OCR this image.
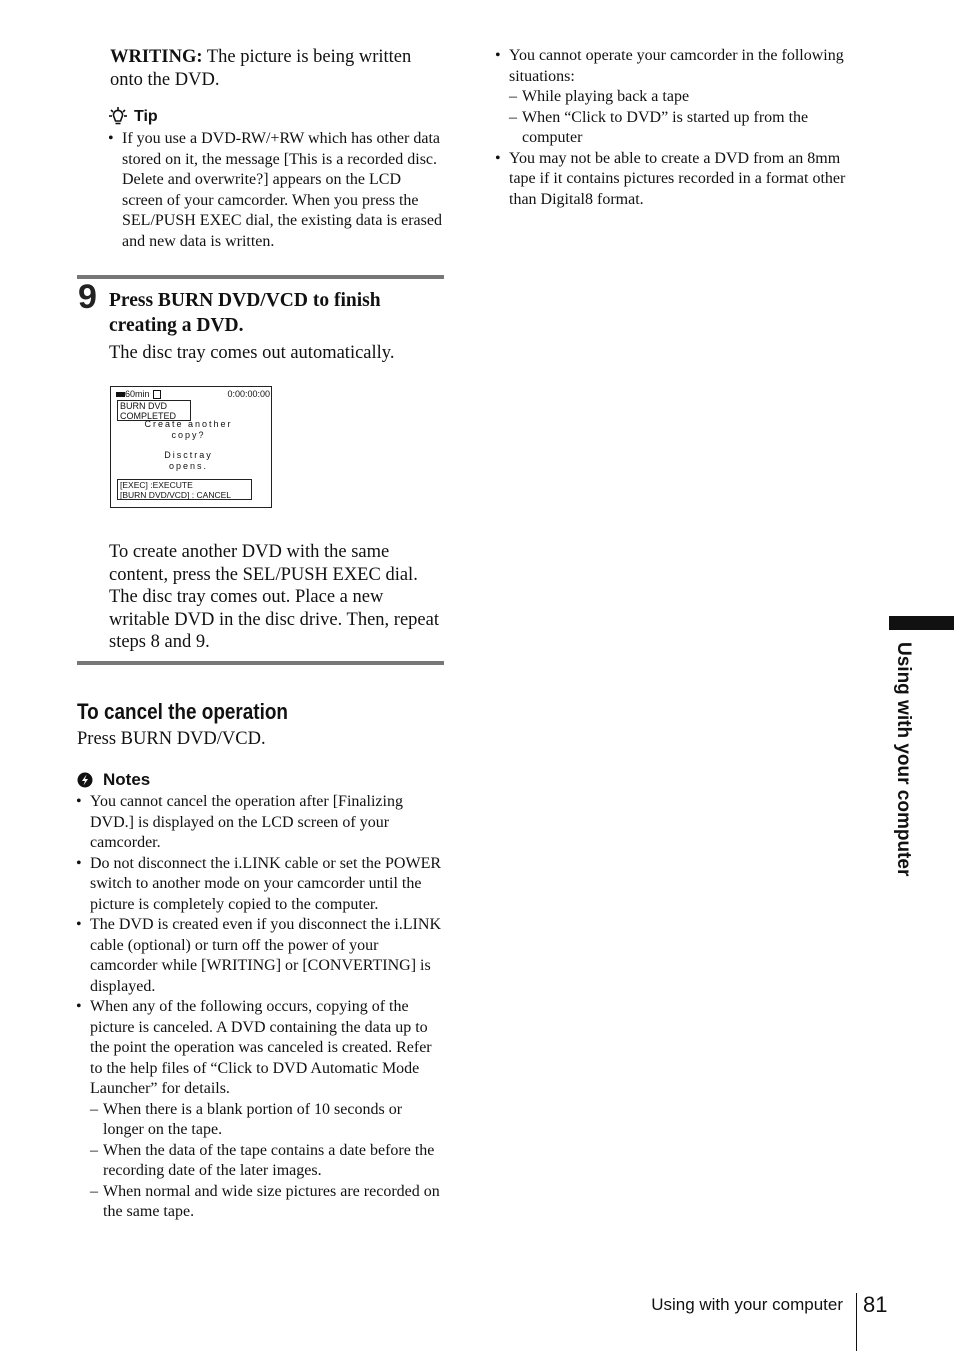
WRITING: The picture is being written onto the DVD.
Tip
• If you use a DVD-RW/+RW which has other data stored on it, the message [This is a recorded disc. Delete and overwrite?] appears on the LCD screen of your camcorder. When you press the SEL/PUSH EXEC dial, the existing data is erased and new data is written.
9 Press BURN DVD/VCD to finish creating a DVD.
The disc tray comes out automatically.
60min	0:00:00:00
BURN DVD
COMPLETED
Create another
copy?
Disctray
opens.
[EXEC] :EXECUTE
[BURN DVD/VCD] : CANCEL
To create another DVD with the same content, press the SEL/PUSH EXEC dial. The disc tray comes out. Place a new writable DVD in the disc drive. Then, repeat steps 8 and 9.
To cancel the operation
Press BURN DVD/VCD.
Notes
• You cannot cancel the operation after [Finalizing DVD.] is displayed on the LCD screen of your camcorder.
• Do not disconnect the i.LINK cable or set the POWER switch to another mode on your camcorder until the picture is completely copied to the computer.
• The DVD is created even if you disconnect the i.LINK cable (optional) or turn off the power of your camcorder while [WRITING] or [CONVERTING] is displayed.
• When any of the following occurs, copying of the picture is canceled. A DVD containing the data up to the point the operation was canceled is created. Refer to the help files of “Click to DVD Automatic Mode Launcher” for details.
– When there is a blank portion of 10 seconds or longer on the tape.
– When the data of the tape contains a date before the recording date of the later images.
– When normal and wide size pictures are recorded on the same tape.
• You cannot operate your camcorder in the following situations:
– While playing back a tape
– When “Click to DVD” is started up from the computer
• You may not be able to create a DVD from an 8mm tape if it contains pictures recorded in a format other than Digital8 format.
Using with your computer
Using with your computer 81
